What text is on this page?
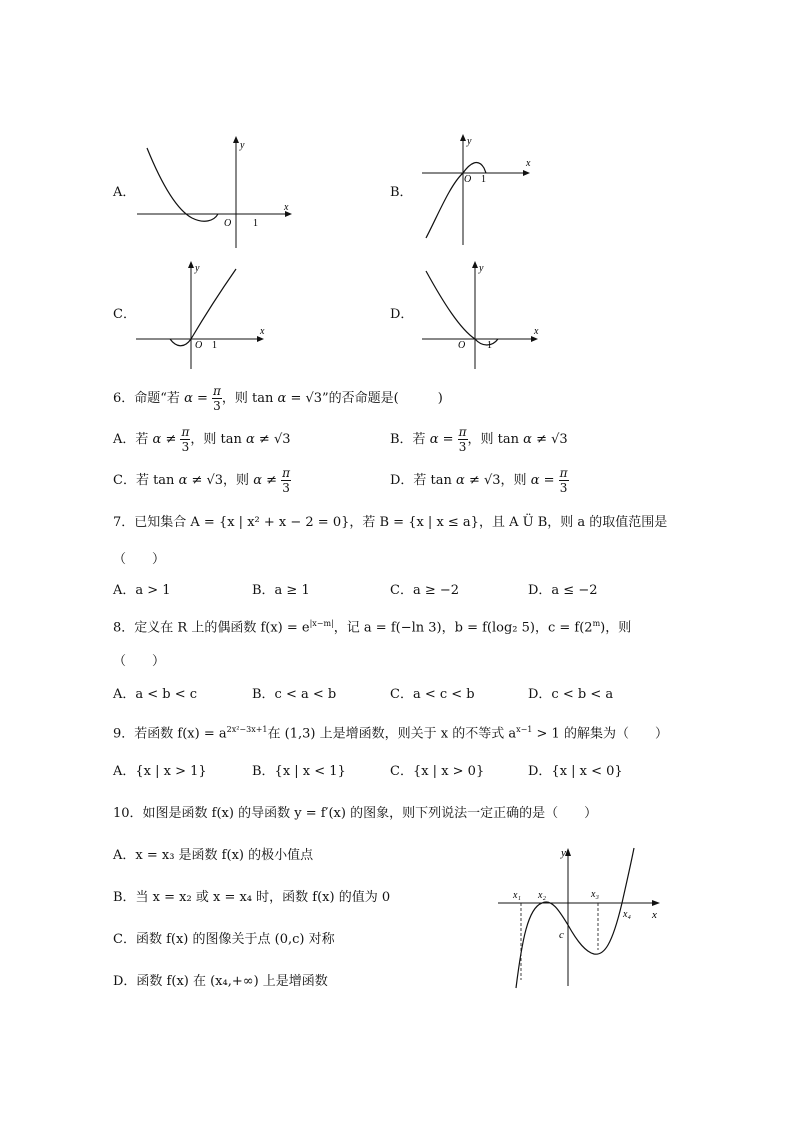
A．
x
y
O 1
B．
x
y
O 1
C．
x
y
O 1
D．
x
y
O 1
6．命题“若 $\alpha = \frac{\pi}{3}$ ，则 tan α = √3”的否命题是(　　　)
A．若 $\alpha \ne \frac{\pi}{3}$ ，则 tan α ≠ √3	B．若 $\alpha = \frac{\pi}{3}$ ，则 tan α ≠ √3
C．若 tan α ≠ √3，则 $\alpha \ne \frac{\pi}{3}$	D．若 tan α ≠ √3，则 $\alpha = \frac{\pi}{3}$
7．已知集合 A = {x | x² + x − 2 = 0}，若 B = {x | x ≤ a}，且 A Ü B，则 a 的取值范围是
（　　）
A．a > 1	B．a ≥ 1	C．a ≥ −2	D．a ≤ −2
8．定义在 R 上的偶函数 $f(x) = e^{|x-m|}$，记 a = f(−ln 3)，b = f(log₂ 5)，$c = f(2^m)$，则
（　　）
A．a < b < c	B．c < a < b	C．a < c < b	D．c < b < a
9．若函数 $f(x) = a^{2x^2-3x+1}$在 (1,3) 上是增函数，则关于 x 的不等式 $a^{x-1} > 1$ 的解集为（　　）
A．{x | x > 1}	B．{x | x < 1}	C．{x | x > 0}	D．{x | x < 0}
10．如图是函数 f(x) 的导函数 y = f′(x) 的图象，则下列说法一定正确的是（　　）
A．x = x₃ 是函数 f(x) 的极小值点
B．当 x = x₂ 或 x = x₄ 时，函数 f(x) 的值为 0
C．函数 f(x) 的图像关于点 (0,c) 对称
D．函数 f(x) 在 (x₄,+∞) 上是增函数
y
x
x₁ x₂	x₃
x₄
c
